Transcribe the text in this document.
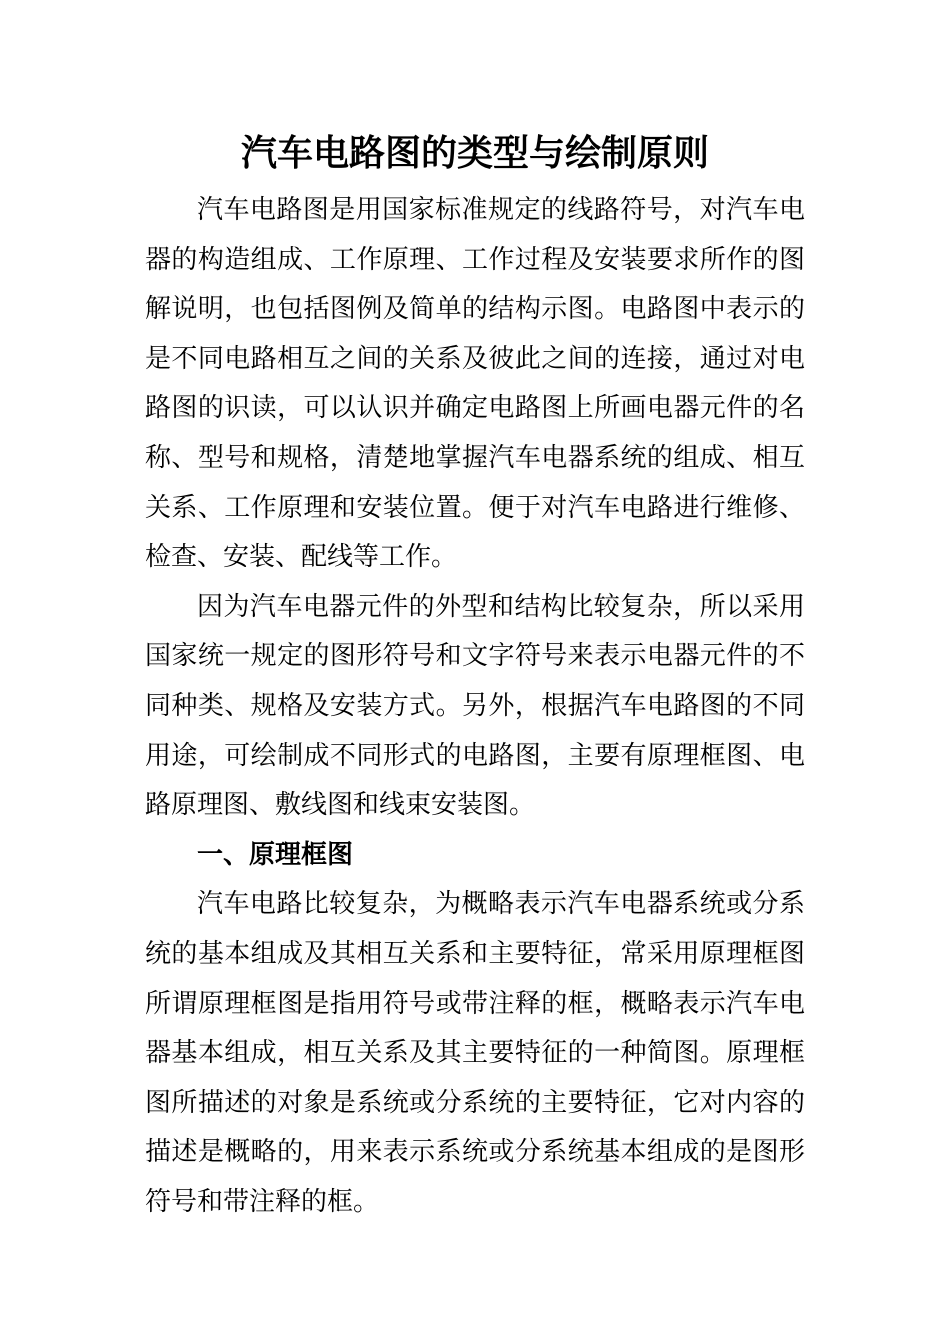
汽车电路图的类型与绘制原则

汽车电路图是用国家标准规定的线路符号，对汽车电器的构造组成、工作原理、工作过程及安装要求所作的图解说明，也包括图例及简单的结构示图。电路图中表示的是不同电路相互之间的关系及彼此之间的连接，通过对电路图的识读，可以认识并确定电路图上所画电器元件的名称、型号和规格，清楚地掌握汽车电器系统的组成、相互关系、工作原理和安装位置。便于对汽车电路进行维修、检查、安装、配线等工作。

因为汽车电器元件的外型和结构比较复杂，所以采用国家统一规定的图形符号和文字符号来表示电器元件的不同种类、规格及安装方式。另外，根据汽车电路图的不同用途，可绘制成不同形式的电路图，主要有原理框图、电路原理图、敷线图和线束安装图。

一、原理框图

汽车电路比较复杂，为概略表示汽车电器系统或分系统的基本组成及其相互关系和主要特征，常采用原理框图所谓原理框图是指用符号或带注释的框，概略表示汽车电器基本组成，相互关系及其主要特征的一种简图。原理框图所描述的对象是系统或分系统的主要特征，它对内容的描述是概略的，用来表示系统或分系统基本组成的是图形符号和带注释的框。
